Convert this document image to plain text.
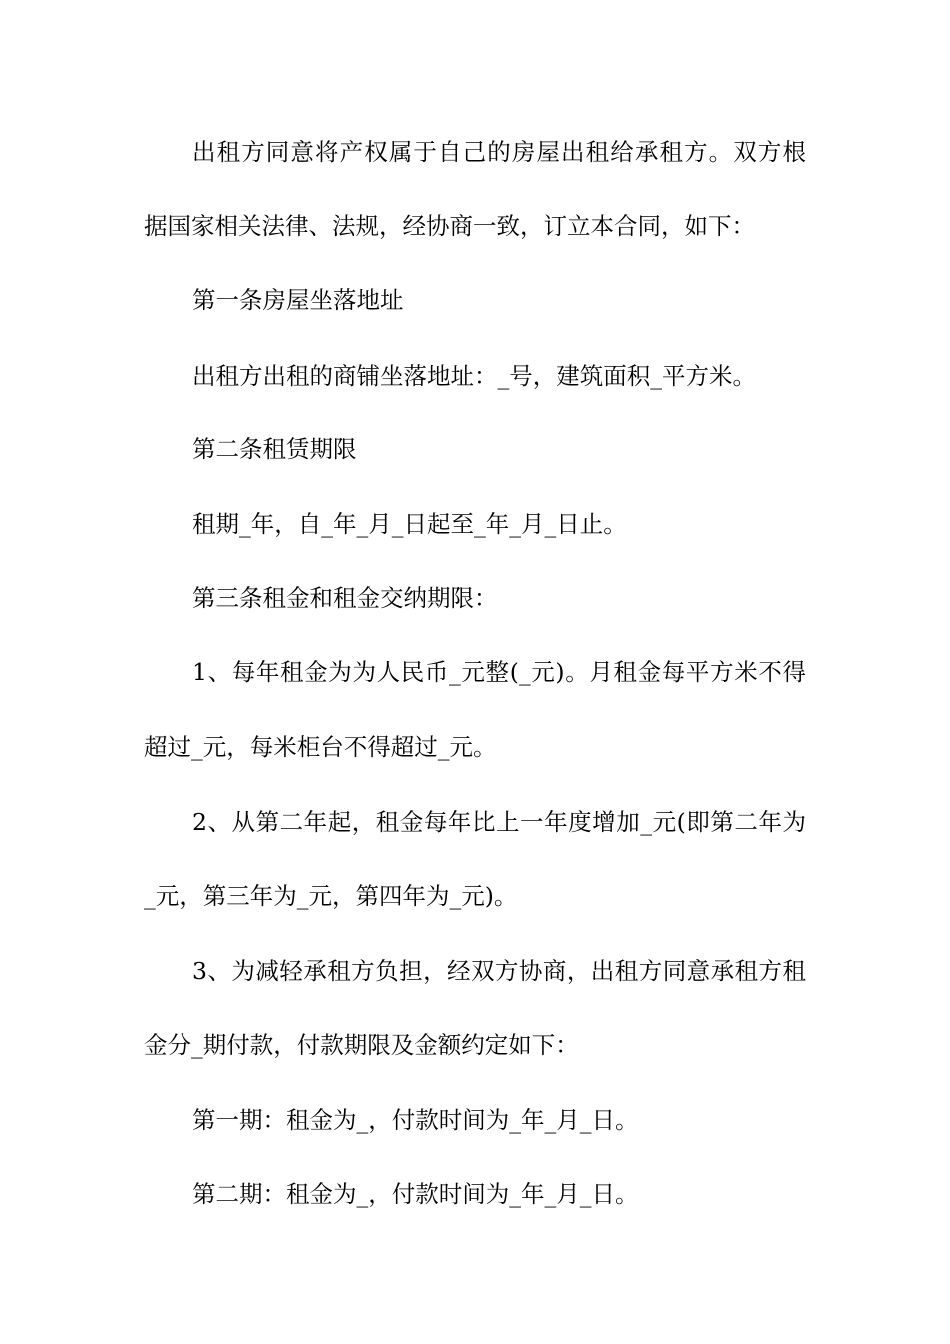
出租方同意将产权属于自己的房屋出租给承租方。双方根
据国家相关法律、法规，经协商一致，订立本合同，如下：
第一条房屋坐落地址
出租方出租的商铺坐落地址：_号，建筑面积_平方米。
第二条租赁期限
租期_年，自_年_月_日起至_年_月_日止。
第三条租金和租金交纳期限：
1、每年租金为为人民币_元整(_元)。月租金每平方米不得
超过_元，每米柜台不得超过_元。
2、从第二年起，租金每年比上一年度增加_元(即第二年为
_元，第三年为_元，第四年为_元)。
3、为减轻承租方负担，经双方协商，出租方同意承租方租
金分_期付款，付款期限及金额约定如下：
第一期：租金为_，付款时间为_年_月_日。
第二期：租金为_，付款时间为_年_月_日。
